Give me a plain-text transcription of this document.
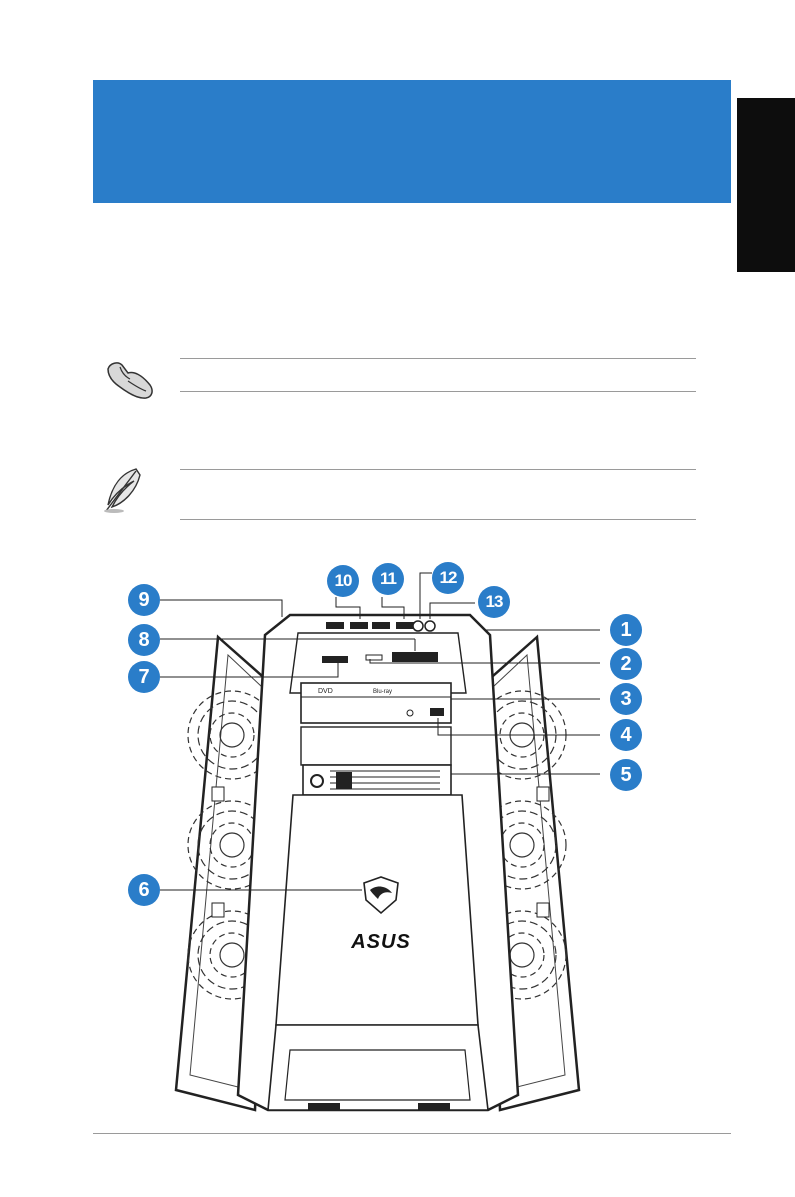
DVD	Blu-ray
ASUS
1
2
3
4
5
6
7
8
9
10	11	12
13
